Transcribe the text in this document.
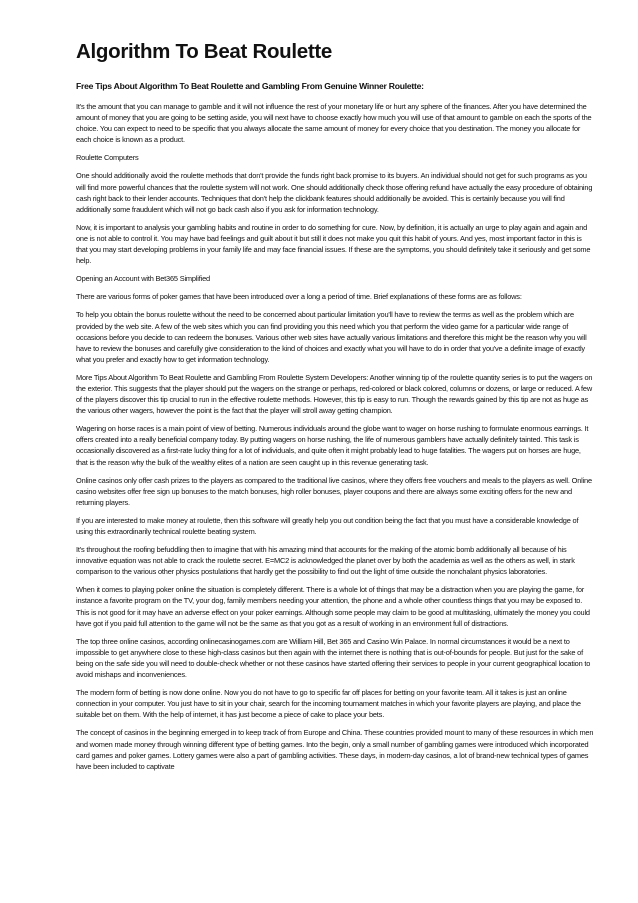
Algorithm To Beat Roulette

Free Tips About Algorithm To Beat Roulette and Gambling From Genuine Winner Roulette:

It's the amount that you can manage to gamble and it will not influence the rest of your monetary life or hurt any sphere of the finances. After you have determined the amount of money that you are going to be setting aside, you will next have to choose exactly how much you will use of that amount to gamble on each the sports of the choice. You can expect to need to be specific that you always allocate the same amount of money for every choice that you destination. The money you allocate for each choice is known as a product.

Roulette Computers

One should additionally avoid the roulette methods that don't provide the funds right back promise to its buyers. An individual should not get for such programs as you will find more powerful chances that the roulette system will not work. One should additionally check those offering refund have actually the easy procedure of obtaining cash right back to their lender accounts. Techniques that don't help the clickbank features should additionally be avoided. This is certainly because you will find additionally some fraudulent which will not go back cash also if you ask for information technology.

Now, it is important to analysis your gambling habits and routine in order to do something for cure. Now, by definition, it is actually an urge to play again and again and one is not able to control it. You may have bad feelings and guilt about it but still it does not make you quit this habit of yours. And yes, most important factor in this is that you may start developing problems in your family life and may face financial issues. If these are the symptoms, you should definitely take it seriously and get some help.

Opening an Account with Bet365 Simplified

There are various forms of poker games that have been introduced over a long a period of time. Brief explanations of these forms are as follows:

To help you obtain the bonus roulette without the need to be concerned about particular limitation you'll have to review the terms as well as the problem which are provided by the web site. A few of the web sites which you can find providing you this need which you that perform the video game for a particular wide range of occasions before you decide to can redeem the bonuses. Various other web sites have actually various limitations and therefore this might be the reason why you will have to review the bonuses and carefully give consideration to the kind of choices and exactly what you will have to do in order that you've a definite image of exactly what you prefer and exactly how to get information technology.

More Tips About Algorithm To Beat Roulette and Gambling From Roulette System Developers: Another winning tip of the roulette quantity series is to put the wagers on the exterior. This suggests that the player should put the wagers on the strange or perhaps, red-colored or black colored, columns or dozens, or large or reduced. A few of the players discover this tip crucial to run in the effective roulette methods. However, this tip is easy to run. Though the rewards gained by this tip are not as huge as the various other wagers, however the point is the fact that the player will stroll away getting champion.

Wagering on horse races is a main point of view of betting. Numerous individuals around the globe want to wager on horse rushing to formulate enormous earnings. It offers created into a really beneficial company today. By putting wagers on horse rushing, the life of numerous gamblers have actually definitely tainted. This task is occasionally discovered as a first-rate lucky thing for a lot of individuals, and quite often it might probably lead to huge fatalities. The wagers put on horses are huge, that is the reason why the bulk of the wealthy elites of a nation are seen caught up in this revenue generating task.

Online casinos only offer cash prizes to the players as compared to the traditional live casinos, where they offers free vouchers and meals to the players as well. Online casino websites offer free sign up bonuses to the match bonuses, high roller bonuses, player coupons and there are always some exciting offers for the new and returning players.

If you are interested to make money at roulette, then this software will greatly help you out condition being the fact that you must have a considerable knowledge of using this extraordinarily technical roulette beating system.

It's throughout the roofing befuddling then to imagine that with his amazing mind that accounts for the making of the atomic bomb additionally all because of his innovative equation was not able to crack the roulette secret. E=MC2 is acknowledged the planet over by both the academia as well as the others as well, in stark comparison to the various other physics postulations that hardly get the possibility to find out the light of time outside the nonchalant physics laboratories.

When it comes to playing poker online the situation is completely different. There is a whole lot of things that may be a distraction when you are playing the game, for instance a favorite program on the TV, your dog, family members needing your attention, the phone and a whole other countless things that you may be exposed to. This is not good for it may have an adverse effect on your poker earnings. Although some people may claim to be good at multitasking, ultimately the money you could have got if you paid full attention to the game will not be the same as that you got as a result of working in an environment full of distractions.

The top three online casinos, according onlinecasinogames.com are William Hill, Bet 365 and Casino Win Palace. In normal circumstances it would be a next to impossible to get anywhere close to these high-class casinos but then again with the internet there is nothing that is out-of-bounds for people. But just for the sake of being on the safe side you will need to double-check whether or not these casinos have started offering their services to people in your current geographical location to avoid mishaps and inconveniences.

The modern form of betting is now done online. Now you do not have to go to specific far off places for betting on your favorite team. All it takes is just an online connection in your computer. You just have to sit in your chair, search for the incoming tournament matches in which your favorite players are playing, and place the suitable bet on them. With the help of internet, it has just become a piece of cake to place your bets.

The concept of casinos in the beginning emerged in to keep track of from Europe and China. These countries provided mount to many of these resources in which men and women made money through winning different type of betting games. Into the begin, only a small number of gambling games were introduced which incorporated card games and poker games. Lottery games were also a part of gambling activities. These days, in modern-day casinos, a lot of brand-new technical types of games have been included to captivate
